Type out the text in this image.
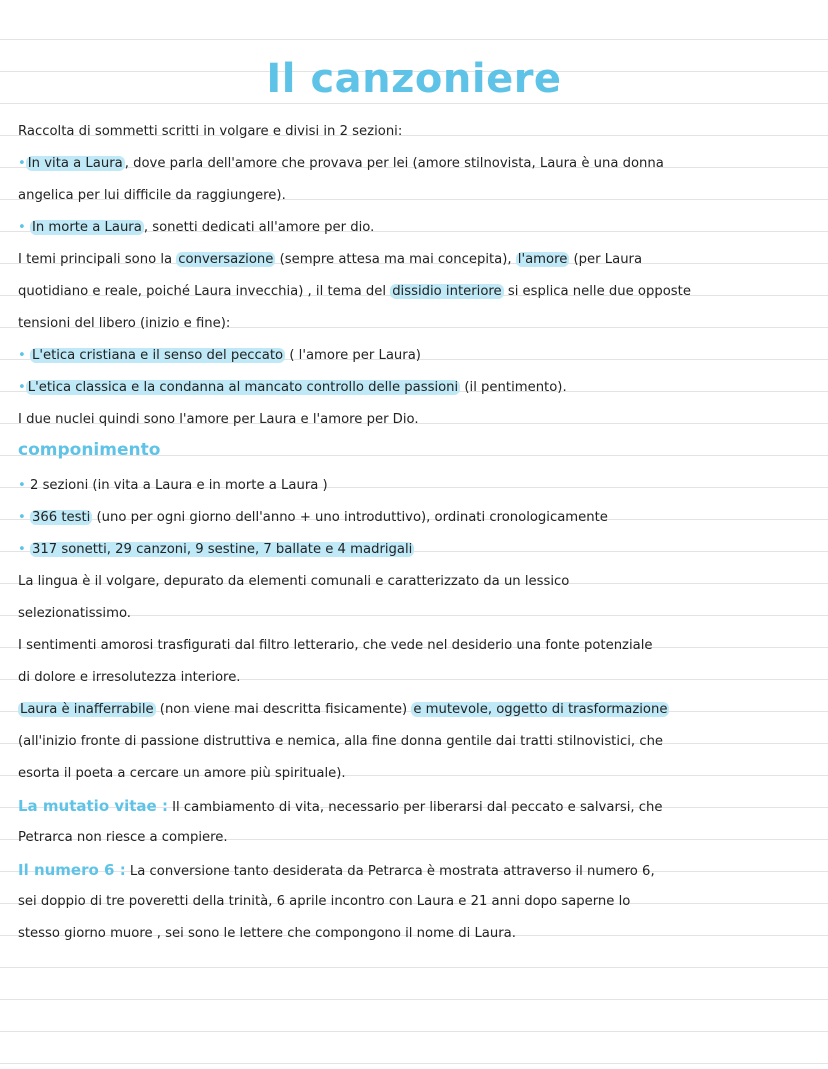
Il canzoniere
Raccolta di sommetti scritti in volgare e divisi in 2 sezioni:
• In vita a Laura , dove parla dell'amore che provava per lei (amore stilnovista, Laura è una donna
angelica per lui difficile da raggiungere).
• In morte a Laura , sonetti dedicati all'amore per dio.
I temi principali sono la conversazione (sempre attesa ma mai concepita), l'amore (per Laura
quotidiano e reale, poiché Laura invecchia) , il tema del dissidio interiore si esplica nelle due opposte
tensioni del libero (inizio e fine):
• L'etica cristiana e il senso del peccato ( l'amore per Laura)
• L'etica classica e la condanna al mancato controllo delle passioni (il pentimento).
I due nuclei quindi sono l'amore per Laura e l'amore per Dio.
componimento
• 2 sezioni (in vita a Laura e in morte a Laura )
• 366 testi (uno per ogni giorno dell'anno + uno introduttivo), ordinati cronologicamente
• 317 sonetti, 29 canzoni, 9 sestine, 7 ballate e 4 madrigali
La lingua è il volgare, depurato da elementi comunali e caratterizzato da un lessico
selezionatissimo.
I sentimenti amorosi trasfigurati dal filtro letterario, che vede nel desiderio una fonte potenziale
di dolore e irresolutezza interiore.
Laura è inafferrabile (non viene mai descritta fisicamente) e mutevole, oggetto di trasformazione
(all'inizio fronte di passione distruttiva e nemica, alla fine donna gentile dai tratti stilnovistici, che
esorta il poeta a cercare un amore più spirituale).
La mutatio vitae : Il cambiamento di vita, necessario per liberarsi dal peccato e salvarsi, che
Petrarca non riesce a compiere.
Il numero 6 : La conversione tanto desiderata da Petrarca è mostrata attraverso il numero 6,
sei doppio di tre poveretti della trinità, 6 aprile incontro con Laura e 21 anni dopo saperne lo
stesso giorno muore , sei sono le lettere che compongono il nome di Laura.
